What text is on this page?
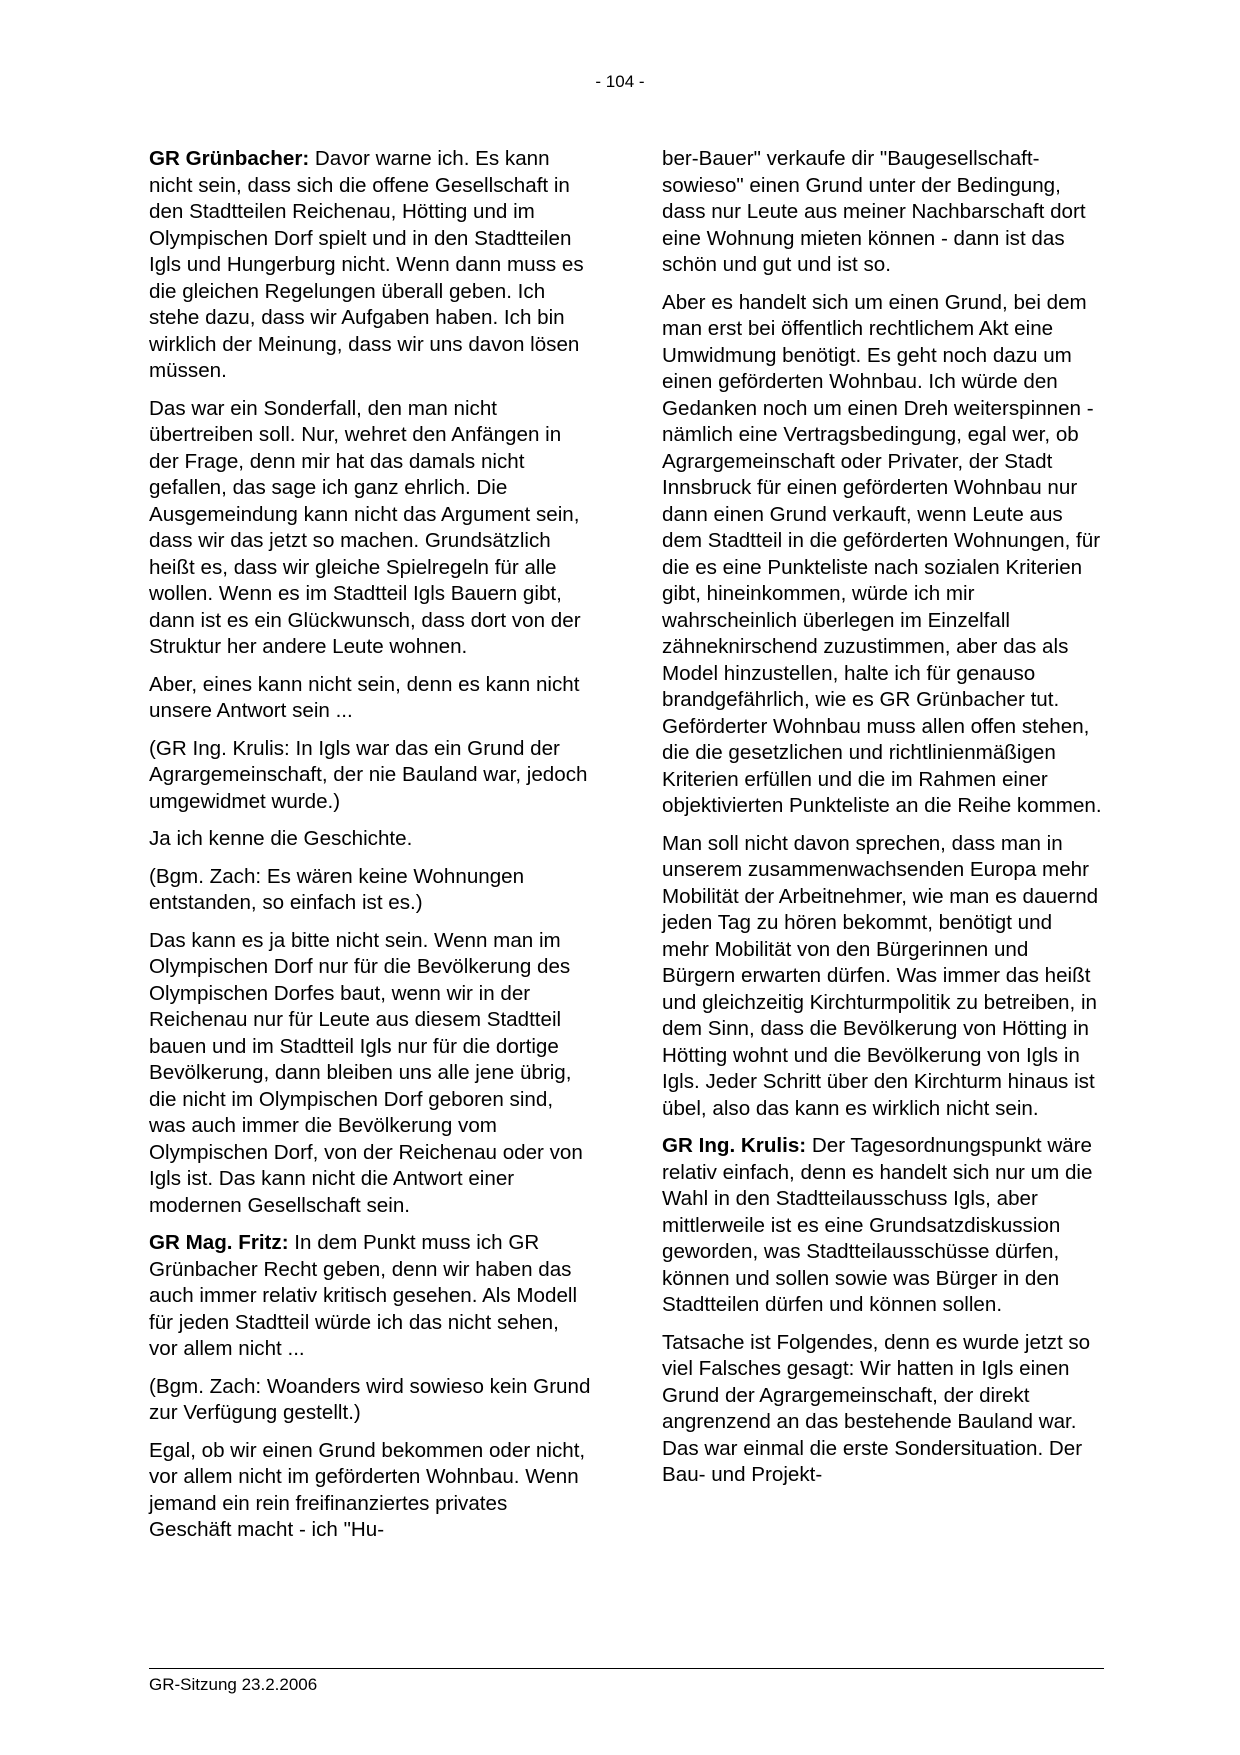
- 104 -

GR Grünbacher: Davor warne ich. Es kann nicht sein, dass sich die offene Gesellschaft in den Stadtteilen Reichenau, Hötting und im Olympischen Dorf spielt und in den Stadtteilen Igls und Hungerburg nicht. Wenn dann muss es die gleichen Regelungen überall geben. Ich stehe dazu, dass wir Aufgaben haben. Ich bin wirklich der Meinung, dass wir uns davon lösen müssen.

Das war ein Sonderfall, den man nicht übertreiben soll. Nur, wehret den Anfängen in der Frage, denn mir hat das damals nicht gefallen, das sage ich ganz ehrlich. Die Ausgemeindung kann nicht das Argument sein, dass wir das jetzt so machen. Grundsätzlich heißt es, dass wir gleiche Spielregeln für alle wollen. Wenn es im Stadtteil Igls Bauern gibt, dann ist es ein Glückwunsch, dass dort von der Struktur her andere Leute wohnen.

Aber, eines kann nicht sein, denn es kann nicht unsere Antwort sein ...

(GR Ing. Krulis: In Igls war das ein Grund der Agrargemeinschaft, der nie Bauland war, jedoch umgewidmet wurde.)

Ja ich kenne die Geschichte.

(Bgm. Zach: Es wären keine Wohnungen entstanden, so einfach ist es.)

Das kann es ja bitte nicht sein. Wenn man im Olympischen Dorf nur für die Bevölkerung des Olympischen Dorfes baut, wenn wir in der Reichenau nur für Leute aus diesem Stadtteil bauen und im Stadtteil Igls nur für die dortige Bevölkerung, dann bleiben uns alle jene übrig, die nicht im Olympischen Dorf geboren sind, was auch immer die Bevölkerung vom Olympischen Dorf, von der Reichenau oder von Igls ist. Das kann nicht die Antwort einer modernen Gesellschaft sein.

GR Mag. Fritz: In dem Punkt muss ich GR Grünbacher Recht geben, denn wir haben das auch immer relativ kritisch gesehen. Als Modell für jeden Stadtteil würde ich das nicht sehen, vor allem nicht ...

(Bgm. Zach: Woanders wird sowieso kein Grund zur Verfügung gestellt.)

Egal, ob wir einen Grund bekommen oder nicht, vor allem nicht im geförderten Wohnbau. Wenn jemand ein rein freifinanziertes privates Geschäft macht - ich "Hu-

ber-Bauer" verkaufe dir "Baugesellschaft-sowieso" einen Grund unter der Bedingung, dass nur Leute aus meiner Nachbarschaft dort eine Wohnung mieten können - dann ist das schön und gut und ist so.

Aber es handelt sich um einen Grund, bei dem man erst bei öffentlich rechtlichem Akt eine Umwidmung benötigt. Es geht noch dazu um einen geförderten Wohnbau. Ich würde den Gedanken noch um einen Dreh weiterspinnen - nämlich eine Vertragsbedingung, egal wer, ob Agrargemeinschaft oder Privater, der Stadt Innsbruck für einen geförderten Wohnbau nur dann einen Grund verkauft, wenn Leute aus dem Stadtteil in die geförderten Wohnungen, für die es eine Punkteliste nach sozialen Kriterien gibt, hineinkommen, würde ich mir wahrscheinlich überlegen im Einzelfall zähneknirschend zuzustimmen, aber das als Model hinzustellen, halte ich für genauso brandgefährlich, wie es GR Grünbacher tut. Geförderter Wohnbau muss allen offen stehen, die die gesetzlichen und richtlinienmäßigen Kriterien erfüllen und die im Rahmen einer objektivierten Punkteliste an die Reihe kommen.

Man soll nicht davon sprechen, dass man in unserem zusammenwachsenden Europa mehr Mobilität der Arbeitnehmer, wie man es dauernd jeden Tag zu hören bekommt, benötigt und mehr Mobilität von den Bürgerinnen und Bürgern erwarten dürfen. Was immer das heißt und gleichzeitig Kirchturmpolitik zu betreiben, in dem Sinn, dass die Bevölkerung von Hötting in Hötting wohnt und die Bevölkerung von Igls in Igls. Jeder Schritt über den Kirchturm hinaus ist übel, also das kann es wirklich nicht sein.

GR Ing. Krulis: Der Tagesordnungspunkt wäre relativ einfach, denn es handelt sich nur um die Wahl in den Stadtteilausschuss Igls, aber mittlerweile ist es eine Grundsatzdiskussion geworden, was Stadtteilausschüsse dürfen, können und sollen sowie was Bürger in den Stadtteilen dürfen und können sollen.

Tatsache ist Folgendes, denn es wurde jetzt so viel Falsches gesagt: Wir hatten in Igls einen Grund der Agrargemeinschaft, der direkt angrenzend an das bestehende Bauland war. Das war einmal die erste Sondersituation. Der Bau- und Projekt-

GR-Sitzung 23.2.2006
